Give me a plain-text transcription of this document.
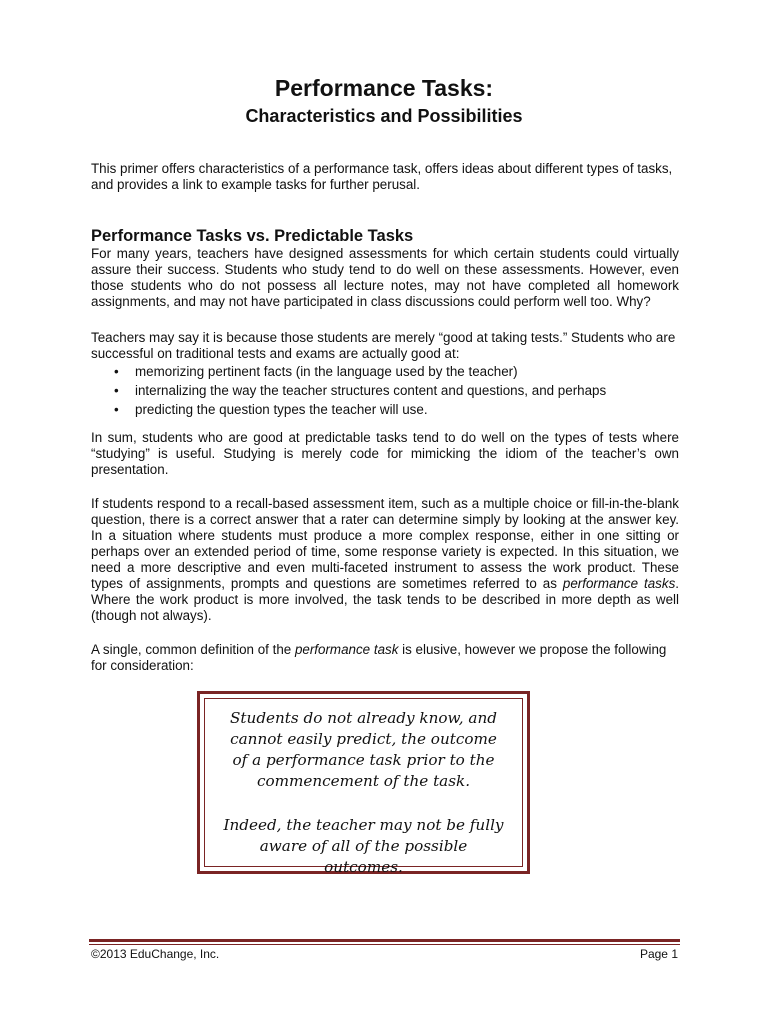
Performance Tasks:
Characteristics and Possibilities

This primer offers characteristics of a performance task, offers ideas about different types of tasks, and provides a link to example tasks for further perusal.

Performance Tasks vs. Predictable Tasks

For many years, teachers have designed assessments for which certain students could virtually assure their success. Students who study tend to do well on these assessments. However, even those students who do not possess all lecture notes, may not have completed all homework assignments, and may not have participated in class discussions could perform well too. Why?

Teachers may say it is because those students are merely “good at taking tests.” Students who are successful on traditional tests and exams are actually good at:

• memorizing pertinent facts (in the language used by the teacher)
• internalizing the way the teacher structures content and questions, and perhaps
• predicting the question types the teacher will use.

In sum, students who are good at predictable tasks tend to do well on the types of tests where “studying” is useful. Studying is merely code for mimicking the idiom of the teacher’s own presentation.

If students respond to a recall-based assessment item, such as a multiple choice or fill-in-the-blank question, there is a correct answer that a rater can determine simply by looking at the answer key. In a situation where students must produce a more complex response, either in one sitting or perhaps over an extended period of time, some response variety is expected. In this situation, we need a more descriptive and even multi-faceted instrument to assess the work product. These types of assignments, prompts and questions are sometimes referred to as performance tasks. Where the work product is more involved, the task tends to be described in more depth as well (though not always).

A single, common definition of the performance task is elusive, however we propose the following for consideration:

Students do not already know, and cannot easily predict, the outcome of a performance task prior to the commencement of the task.

Indeed, the teacher may not be fully aware of all of the possible outcomes.

©2013 EduChange, Inc.	Page 1
